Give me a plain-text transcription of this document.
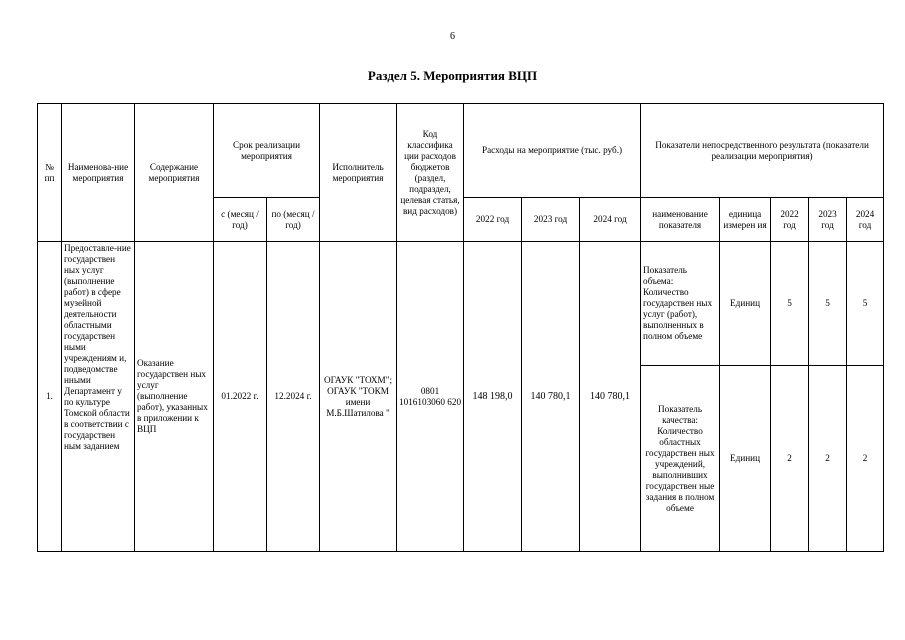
6
Раздел 5. Мероприятия ВЦП
№ пп	Наименова-ние мероприятия	Содержание мероприятия	Срок реализации мероприятия		Исполнитель мероприятия	Код классифика ции расходов бюджетов (раздел, подраздел, целевая статья, вид расходов)	Расходы на мероприятие (тыс. руб.)			Показатели непосредственного результата (показатели реализации мероприятия)				
			с (месяц /год)	по (месяц /год)			2022 год	2023 год	2024 год	наименование показателя	единица измерен ия	2022 год	2023 год	2024 год
1.	Предоставле-ние государствен ных услуг (выполнение работ) в сфере музейной деятельности областными государствен ными учреждениям и, подведомстве нными Департамент у по культуре Томской области в соответствии с государствен ным заданием	Оказание государствен ных услуг (выполнение работ), указанных в приложении к ВЦП	01.2022 г.	12.2024 г.	ОГАУК "ТОХМ"; ОГАУК "ТОКМ имени М.Б.Шатилова "	0801 1016103060 620	148 198,0	140 780,1	140 780,1	Показатель объема: Количество государствен ных услуг (работ), выполненных в полном объеме	Единиц	5	5	5
										Показатель качества: Количество областных государствен ных учреждений, выполнивших государствен ные задания в полном объеме	Единиц	2	2	2
